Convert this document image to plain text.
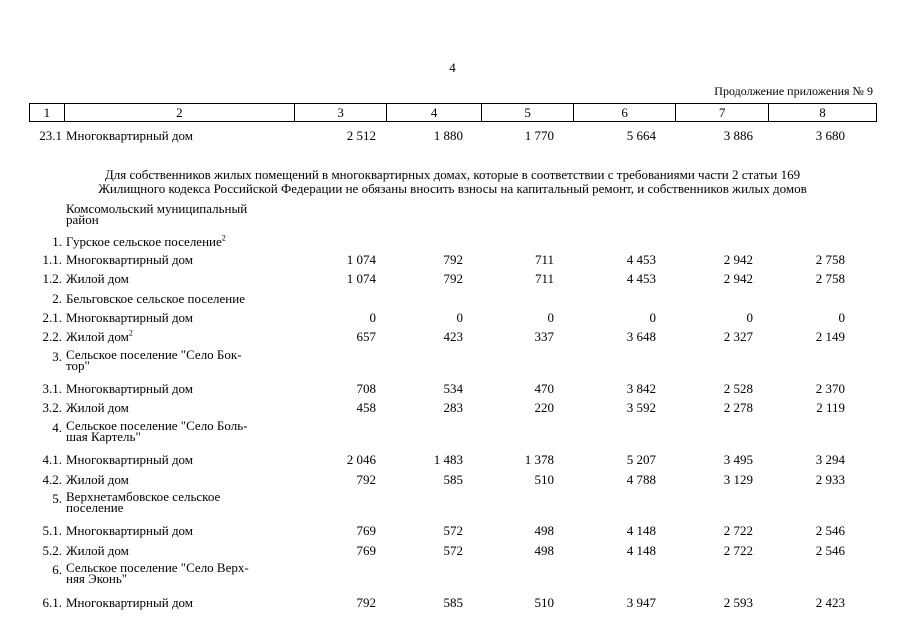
4
Продолжение приложения № 9
1	2	3	4	5	6	7	8
23.1 Многоквартирный дом	2 512	1 880	1 770	5 664	3 886	3 680
Для собственников жилых помещений в многоквартирных домах, которые в соответствии с требованиями части 2 статьи 169
Жилищного кодекса Российской Федерации не обязаны вносить взносы на капитальный ремонт, и собственников жилых домов
Комсомольский муниципальный
район
1. Гурское сельское поселение$^2$
1.1. Многоквартирный дом	1 074	792	711	4 453	2 942	2 758
1.2. Жилой дом	1 074	792	711	4 453	2 942	2 758
2. Бельговское сельское поселение
2.1. Многоквартирный дом	0	0	0	0	0	0
2.2. Жилой дом$^2$	657	423	337	3 648	2 327	2 149
3. Сельское поселение "Село Бок-
тор"
3.1. Многоквартирный дом	708	534	470	3 842	2 528	2 370
3.2. Жилой дом	458	283	220	3 592	2 278	2 119
4. Сельское поселение "Село Боль-
шая Картель"
4.1. Многоквартирный дом	2 046	1 483	1 378	5 207	3 495	3 294
4.2. Жилой дом	792	585	510	4 788	3 129	2 933
5. Верхнетамбовское сельское
поселение
5.1. Многоквартирный дом	769	572	498	4 148	2 722	2 546
5.2. Жилой дом	769	572	498	4 148	2 722	2 546
6. Сельское поселение "Село Верх-
няя Эконь"
6.1. Многоквартирный дом	792	585	510	3 947	2 593	2 423
